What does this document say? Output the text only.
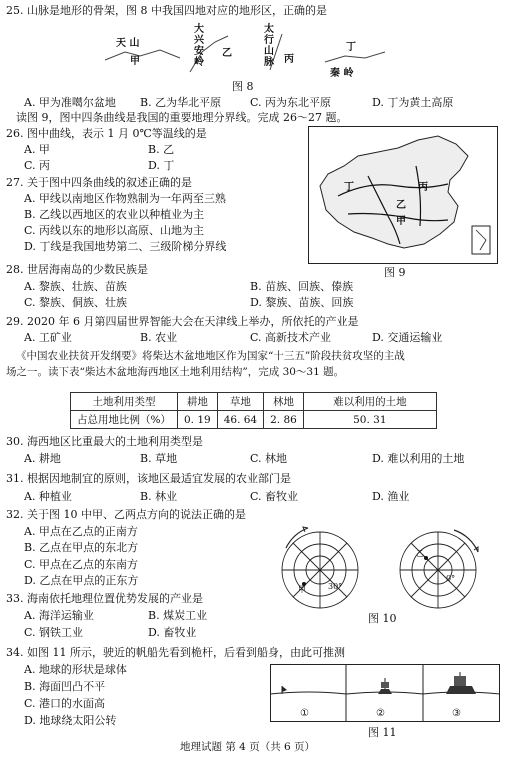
25. 山脉是地形的骨架，图 8 中我国四地对应的地形区，正确的是
天 山
甲
大兴安岭
乙
太行山脉 丙
丁
秦 岭
图 8
A. 甲为准噶尔盆地 B. 乙为华北平原	C. 丙为东北平原	D. 丁为黄土高原
读图 9，图中四条曲线是我国的重要地理分界线。完成 26～27 题。
26. 图中曲线，表示 1 月 0℃等温线的是
A. 甲	B. 乙
C. 丙	D. 丁
27. 关于图中四条曲线的叙述正确的是
A. 甲线以南地区作物熟制为一年两至三熟
B. 乙线以西地区的农业以种植业为主
C. 丙线以东的地形以高原、山地为主
D. 丁线是我国地势第二、三级阶梯分界线
丁	丙
乙
甲
图 9
28. 世居海南岛的少数民族是
A. 黎族、壮族、苗族	B. 苗族、回族、傣族
C. 黎族、侗族、壮族	D. 黎族、苗族、回族
29. 2020 年 6 月第四届世界智能大会在天津线上举办，所依托的产业是
A. 工矿业	B. 农业	C. 高新技术产业	D. 交通运输业
《中国农业扶贫开发纲要》将柴达木盆地地区作为国家“十三五”阶段扶贫攻坚的主战
场之一。读下表“柴达木盆地海西地区土地利用结构”，完成 30～31 题。
土地利用类型	耕地	草地	林地	难以利用的土地
占总用地比例（%）	0. 19	46. 64	2. 86	50. 31
30. 海西地区比重最大的土地利用类型是
A. 耕地	B. 草地	C. 林地	D. 难以利用的土地
31. 根据因地制宜的原则，该地区最适宜发展的农业部门是
A. 种植业	B. 林业	C. 畜牧业	D. 渔业
32. 关于图 10 中甲、乙两点方向的说法正确的是
A. 甲点在乙点的正南方
B. 乙点在甲点的东北方
C. 甲点在乙点的东南方
D. 乙点在甲点的正东方
甲
乙
30°
0°
图 10
33. 海南依托地理位置优势发展的产业是
A. 海洋运输业	B. 煤炭工业
C. 钢铁工业	D. 畜牧业
34. 如图 11 所示，驶近的帆船先看到桅杆，后看到船身，由此可推测
A. 地球的形状是球体
B. 海面凹凸不平
C. 港口的水面高
D. 地球绕太阳公转
①	②	③
图 11
地理试题 第 4 页（共 6 页）
